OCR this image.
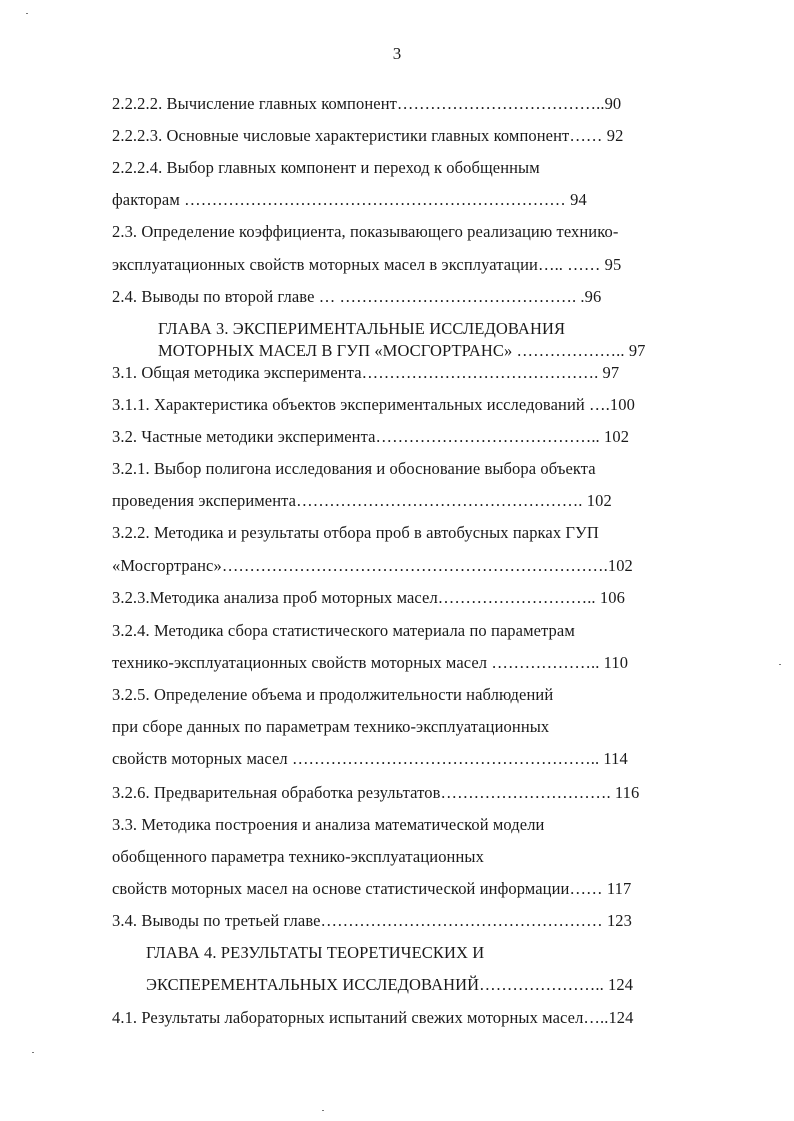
3
2.2.2.2. Вычисление главных компонент………………………………..90
2.2.2.3. Основные числовые характеристики главных компонент…… 92
2.2.2.4. Выбор главных компонент и переход к обобщенным
факторам …………………………………………………………… 94
2.3. Определение коэффициента, показывающего реализацию технико-
эксплуатационных свойств моторных масел в эксплуатации….. …… 95
2.4. Выводы по второй главе … ……………………………………. .96
ГЛАВА 3. ЭКСПЕРИМЕНТАЛЬНЫЕ ИССЛЕДОВАНИЯ
МОТОРНЫХ МАСЕЛ В ГУП «МОСГОРТРАНС» ……………….. 97
3.1. Общая методика эксперимента……………………………………. 97
3.1.1. Характеристика объектов экспериментальных исследований ….100
3.2. Частные методики эксперимента………………………………….. 102
3.2.1. Выбор полигона исследования и обоснование выбора объекта
проведения эксперимента……………………………………………. 102
3.2.2. Методика и результаты отбора проб в автобусных парках ГУП
«Мосгортранс»…………………………………………………………….102
3.2.3.Методика анализа проб моторных масел……………………….. 106
3.2.4. Методика сбора статистического материала по параметрам
технико-эксплуатационных свойств моторных масел ……………….. 110
3.2.5. Определение объема и продолжительности наблюдений
при сборе данных по параметрам технико-эксплуатационных
свойств моторных масел ……………………………………………….. 114
3.2.6. Предварительная обработка результатов…………………………. 116
3.3. Методика построения и анализа математической модели
обобщенного параметра технико-эксплуатационных
свойств моторных масел на основе статистической информации…… 117
3.4. Выводы по третьей главе…………………………………………… 123
ГЛАВА 4. РЕЗУЛЬТАТЫ ТЕОРЕТИЧЕСКИХ И
ЭКСПЕРЕМЕНТАЛЬНЫХ ИССЛЕДОВАНИЙ………………….. 124
4.1. Результаты лабораторных испытаний свежих моторных масел…..124
